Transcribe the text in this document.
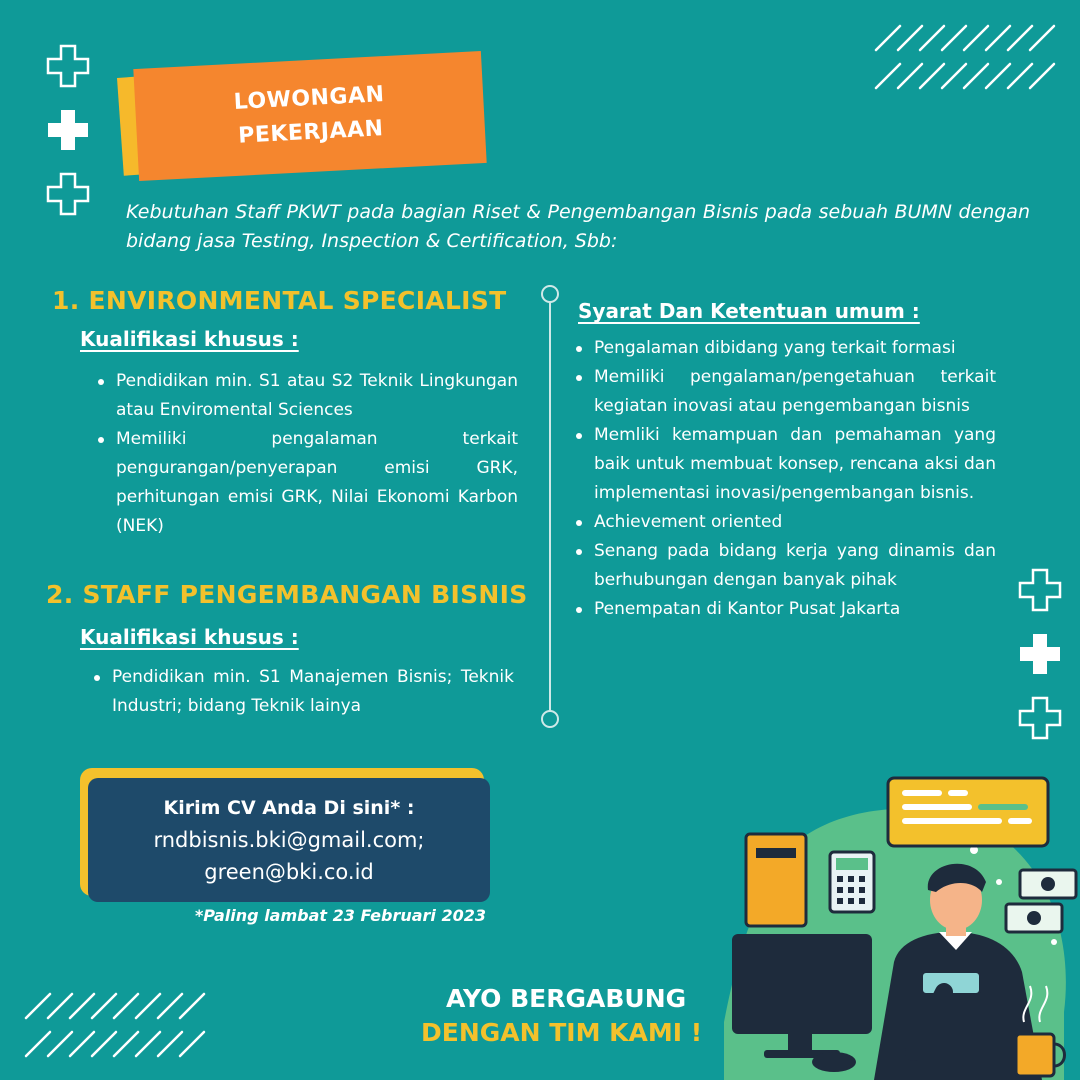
LOWONGAN
PEKERJAAN
Kebutuhan Staff PKWT pada bagian Riset & Pengembangan Bisnis pada sebuah BUMN dengan bidang jasa Testing, Inspection & Certification, Sbb:
1. ENVIRONMENTAL SPECIALIST
Kualifikasi khusus :
Pendidikan min. S1 atau S2 Teknik Lingkungan atau Enviromental Sciences
Memiliki pengalaman terkait pengurangan/penyerapan emisi GRK, perhitungan emisi GRK, Nilai Ekonomi Karbon (NEK)
2. STAFF PENGEMBANGAN BISNIS
Kualifikasi khusus :
Pendidikan min. S1 Manajemen Bisnis; Teknik Industri; bidang Teknik lainya
Syarat Dan Ketentuan umum :
Pengalaman dibidang yang terkait formasi
Memiliki pengalaman/pengetahuan terkait kegiatan inovasi atau pengembangan bisnis
Memliki kemampuan dan pemahaman yang baik untuk membuat konsep, rencana aksi dan implementasi inovasi/pengembangan bisnis.
Achievement oriented
Senang pada bidang kerja yang dinamis dan berhubungan dengan banyak pihak
Penempatan di Kantor Pusat Jakarta
Kirim CV Anda Di sini* :
rndbisnis.bki@gmail.com;
green@bki.co.id
*Paling lambat 23 Februari 2023
AYO BERGABUNG
DENGAN TIM KAMI !
